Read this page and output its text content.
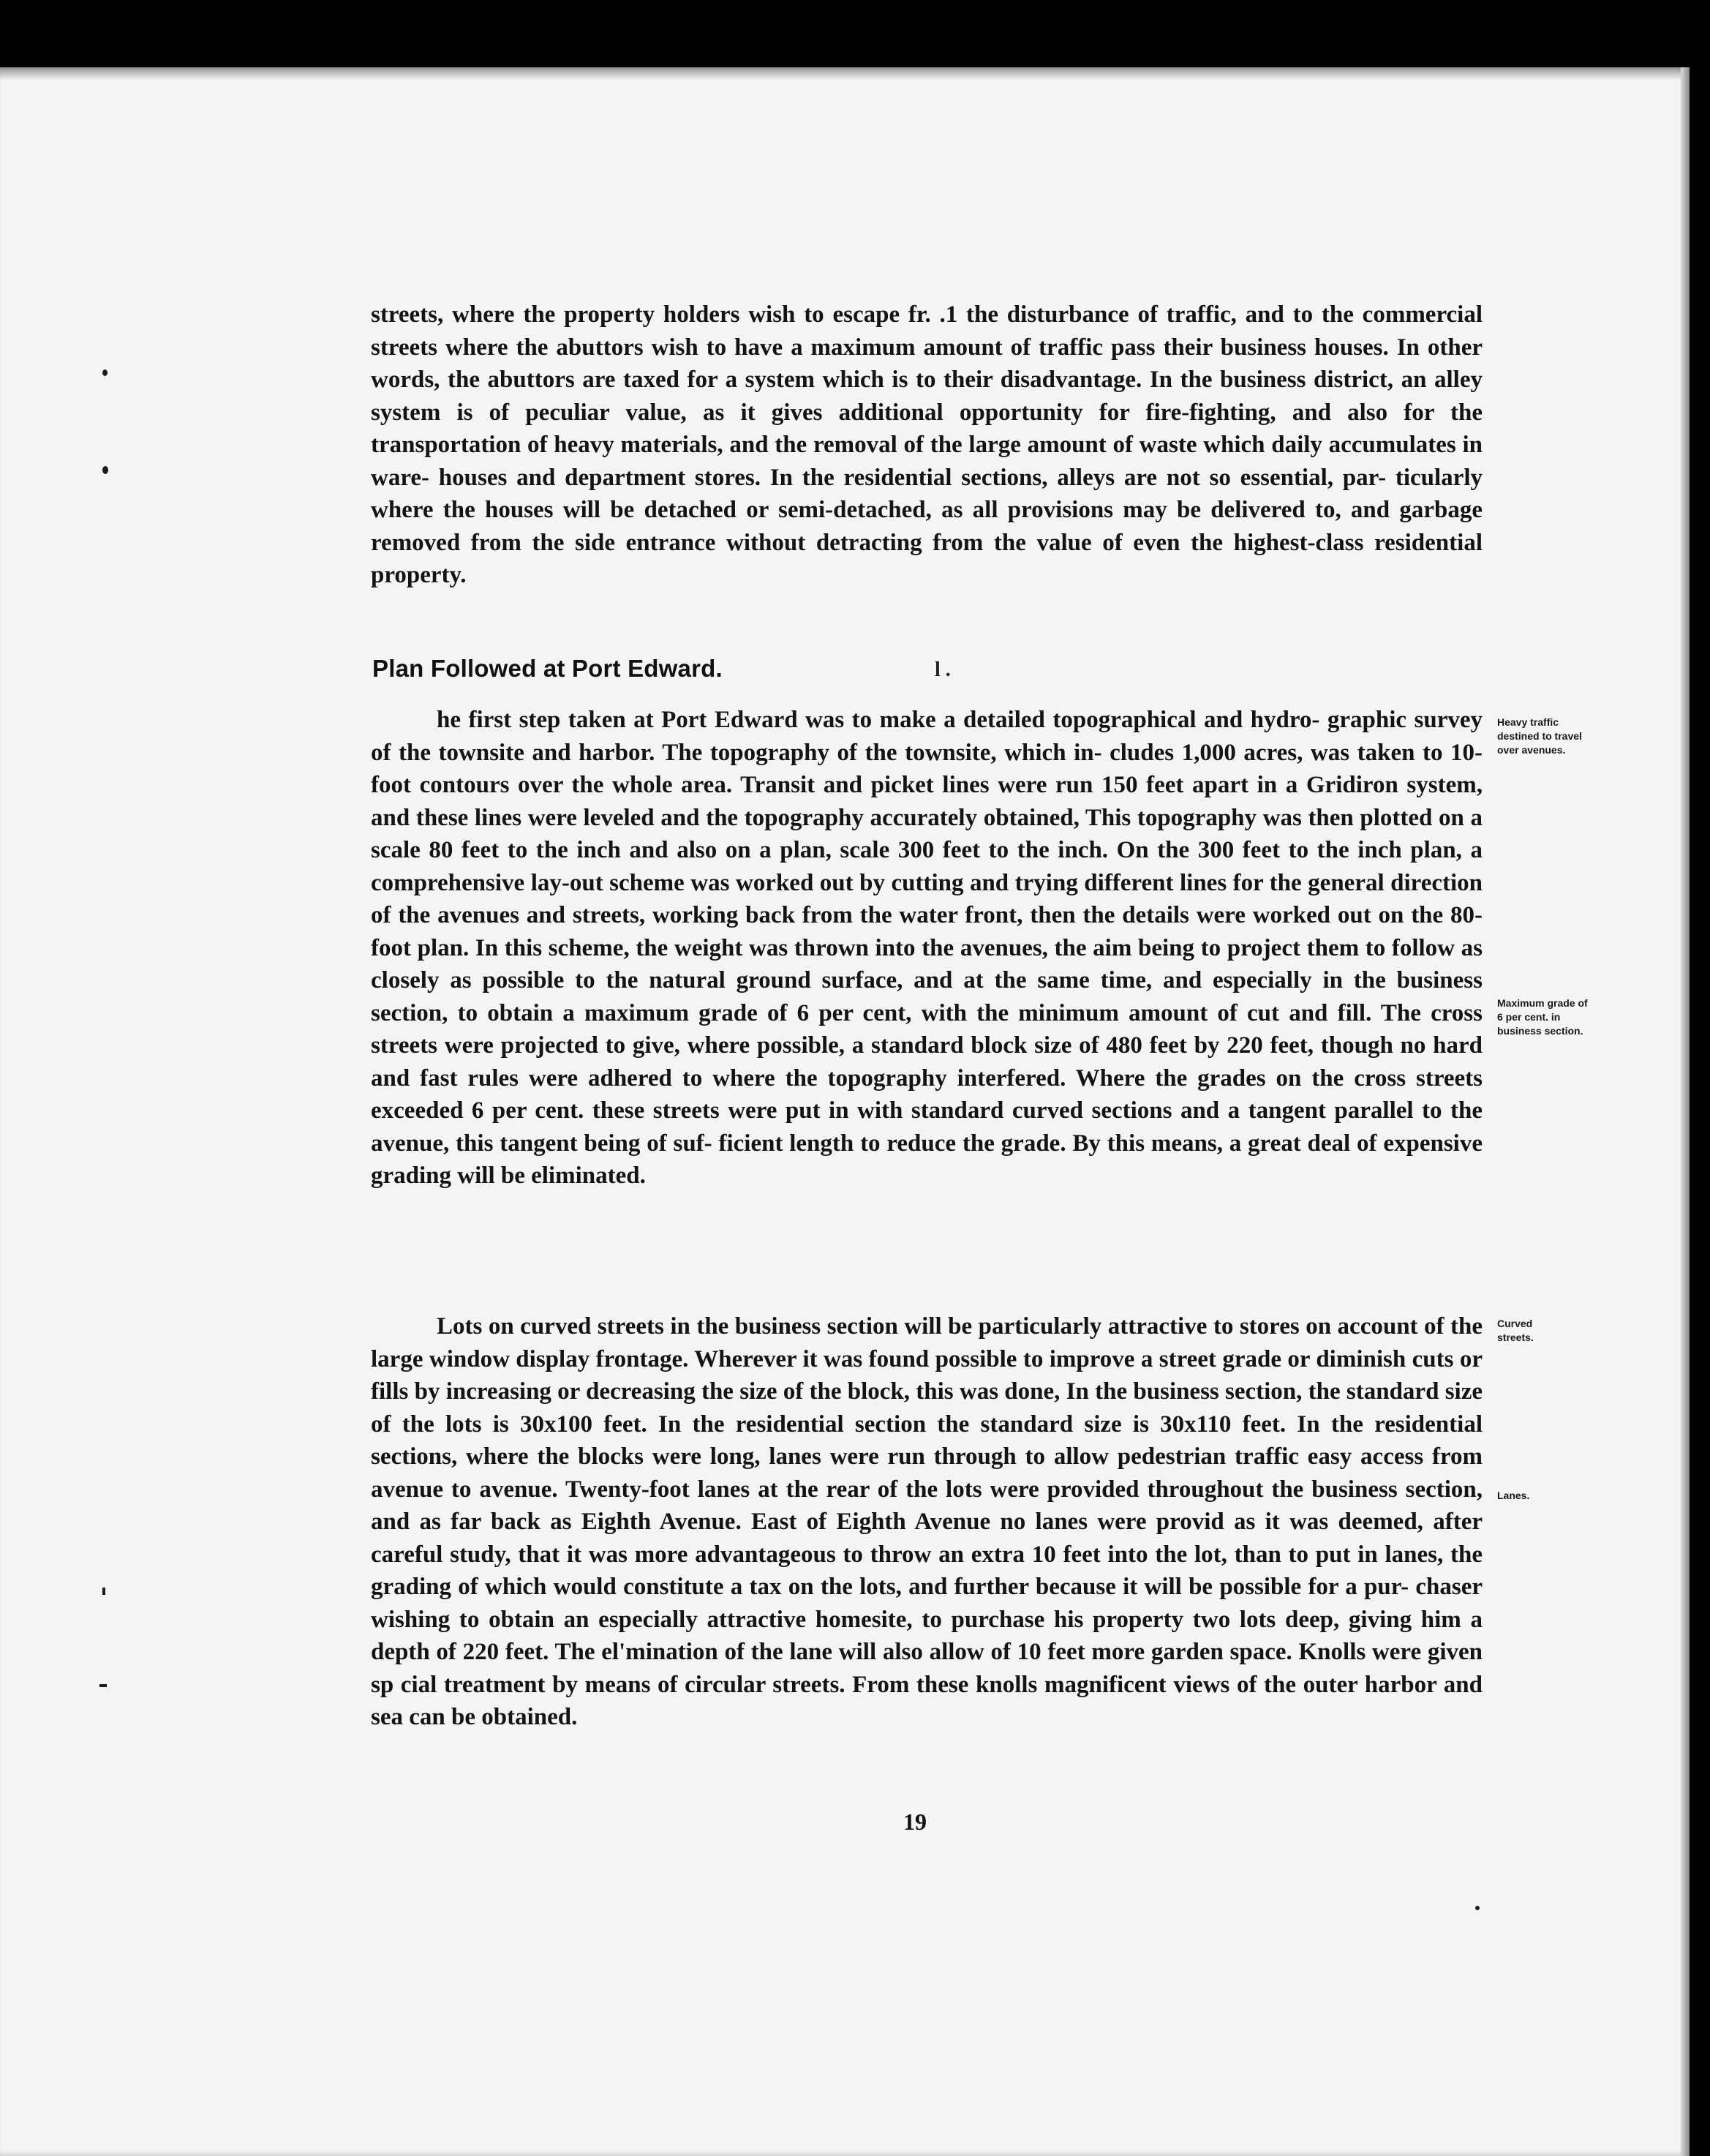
streets, where the property holders wish to escape fr. .1 the disturbance of traffic, and to the commercial streets where the abuttors wish to have a maximum amount of traffic pass their business houses. In other words, the abuttors are taxed for a system which is to their disadvantage. In the business district, an alley system is of peculiar value, as it gives additional opportunity for fire-fighting, and also for the transportation of heavy materials, and the removal of the large amount of waste which daily accumulates in ware- houses and department stores. In the residential sections, alleys are not so essential, par- ticularly where the houses will be detached or semi-detached, as all provisions may be delivered to, and garbage removed from the side entrance without detracting from the value of even the highest-class residential property.
Plan Followed at Port Edward.	l .
he first step taken at Port Edward was to make a detailed topographical and hydro- graphic survey of the townsite and harbor. The topography of the townsite, which in- cludes 1,000 acres, was taken to 10-foot contours over the whole area. Transit and picket lines were run 150 feet apart in a Gridiron system, and these lines were leveled and the topography accurately obtained, This topography was then plotted on a scale 80 feet to the inch and also on a plan, scale 300 feet to the inch. On the 300 feet to the inch plan, a comprehensive lay-out scheme was worked out by cutting and trying different lines for the general direction of the avenues and streets, working back from the water front, then the details were worked out on the 80-foot plan. In this scheme, the weight was thrown into the avenues, the aim being to project them to follow as closely as possible to the natural ground surface, and at the same time, and especially in the business section, to obtain a maximum grade of 6 per cent, with the minimum amount of cut and fill. The cross streets were projected to give, where possible, a standard block size of 480 feet by 220 feet, though no hard and fast rules were adhered to where the topography interfered. Where the grades on the cross streets exceeded 6 per cent. these streets were put in with standard curved sections and a tangent parallel to the avenue, this tangent being of suf- ficient length to reduce the grade. By this means, a great deal of expensive grading will be eliminated.
Lots on curved streets in the business section will be particularly attractive to stores on account of the large window display frontage. Wherever it was found possible to improve a street grade or diminish cuts or fills by increasing or decreasing the size of the block, this was done, In the business section, the standard size of the lots is 30x100 feet. In the residential section the standard size is 30x110 feet. In the residential sections, where the blocks were long, lanes were run through to allow pedestrian traffic easy access from avenue to avenue. Twenty-foot lanes at the rear of the lots were provided throughout the business section, and as far back as Eighth Avenue. East of Eighth Avenue no lanes were provid as it was deemed, after careful study, that it was more advantageous to throw an extra 10 feet into the lot, than to put in lanes, the grading of which would constitute a tax on the lots, and further because it will be possible for a pur- chaser wishing to obtain an especially attractive homesite, to purchase his property two lots deep, giving him a depth of 220 feet. The el'mination of the lane will also allow of 10 feet more garden space. Knolls were given sp cial treatment by means of circular streets. From these knolls magnificent views of the outer harbor and sea can be obtained.
Heavy traffic destined to travel over avenues.
Maximum grade of 6 per cent. in business section.
Curved streets.
Lanes.
19
